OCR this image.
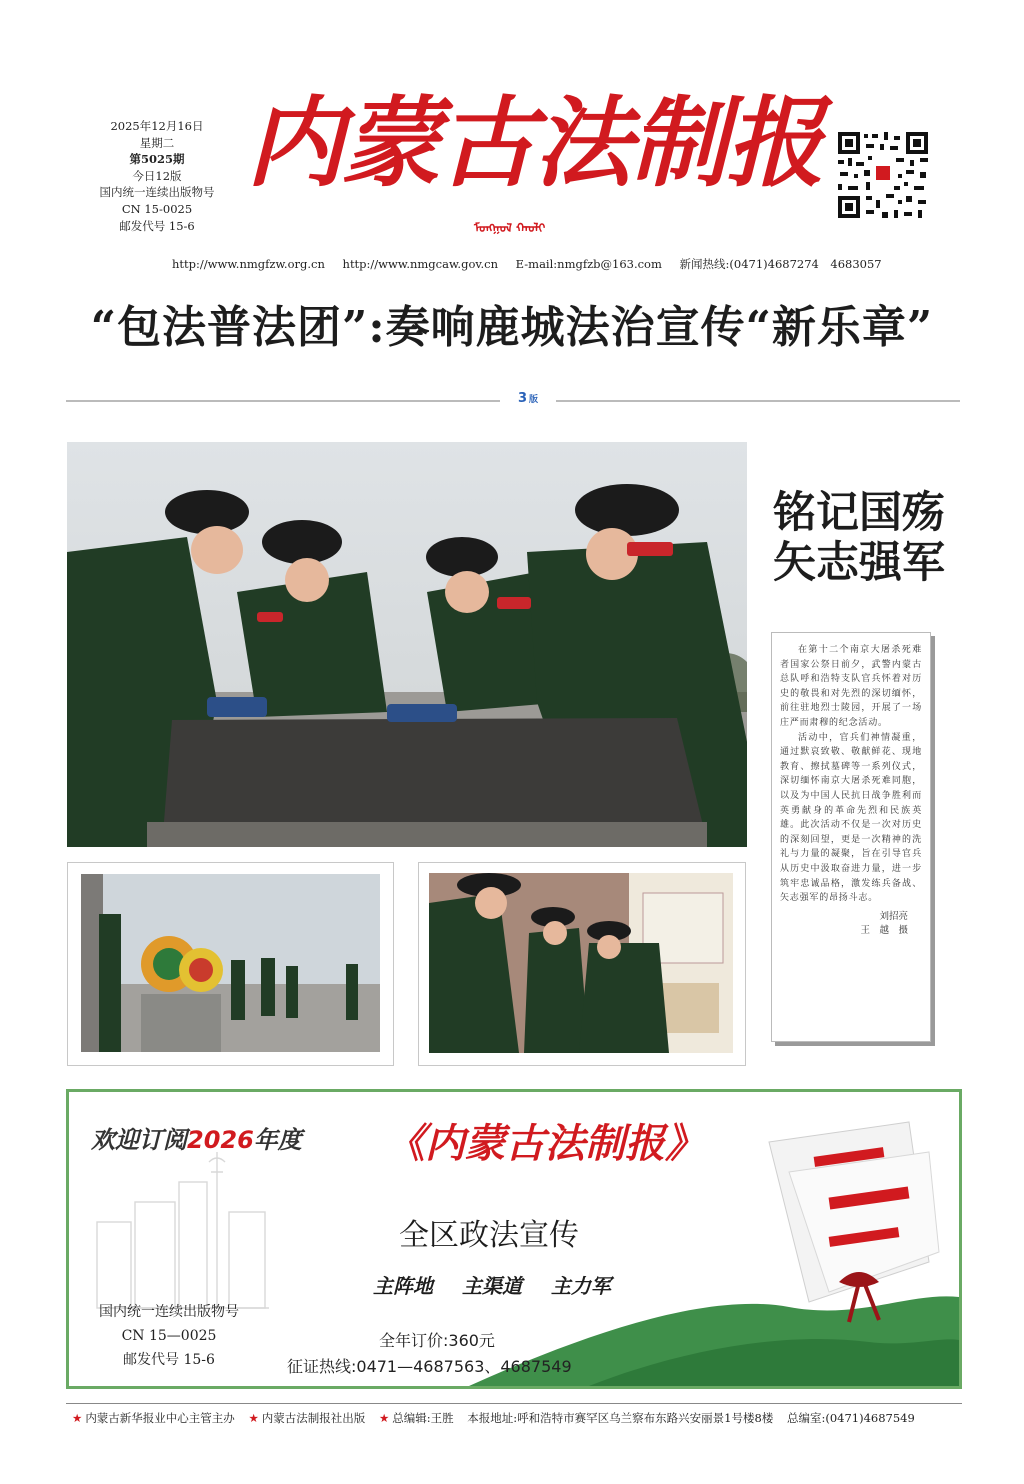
2025年12月16日
星期二
第5025期
今日12版
国内统一连续出版物号
CN 15-0025
邮发代号 15-6
内蒙古法制报
ᠮᠣᠩᠭᠣᠯ ᠬᠠᠤᠯᠢ
http://www.nmgfzw.org.cn http://www.nmgcaw.gov.cn E-mail:nmgfzb@163.com 新闻热线:(0471)4687274　4683057
“包法普法团”:奏响鹿城法治宣传“新乐章”
3 版
铭记国殇
矢志强军
在第十二个南京大屠杀死难者国家公祭日前夕，武警内蒙古总队呼和浩特支队官兵怀着对历史的敬畏和对先烈的深切缅怀，前往驻地烈士陵园，开展了一场庄严而肃穆的纪念活动。
活动中，官兵们神情凝重，通过默哀致敬、敬献鲜花、现地教育、擦拭墓碑等一系列仪式，深切缅怀南京大屠杀死难同胞，以及为中国人民抗日战争胜利而英勇献身的革命先烈和民族英雄。此次活动不仅是一次对历史的深刻回望，更是一次精神的洗礼与力量的凝聚，旨在引导官兵从历史中汲取奋进力量，进一步筑牢忠诚品格，激发练兵备战、矢志强军的昂扬斗志。
刘招亮
王　越　摄
欢迎订阅2026年度 《内蒙古法制报》
全区政法宣传
主阵地 主渠道 主力军
国内统一连续出版物号
CN 15—0025
邮发代号 15-6
全年订价:360元
征证热线:0471—4687563、4687549
★ 内蒙古新华报业中心主管主办 ★ 内蒙古法制报社出版 ★ 总编辑:王胜 本报地址:呼和浩特市赛罕区乌兰察布东路兴安丽景1号楼8楼 总编室:(0471)4687549
